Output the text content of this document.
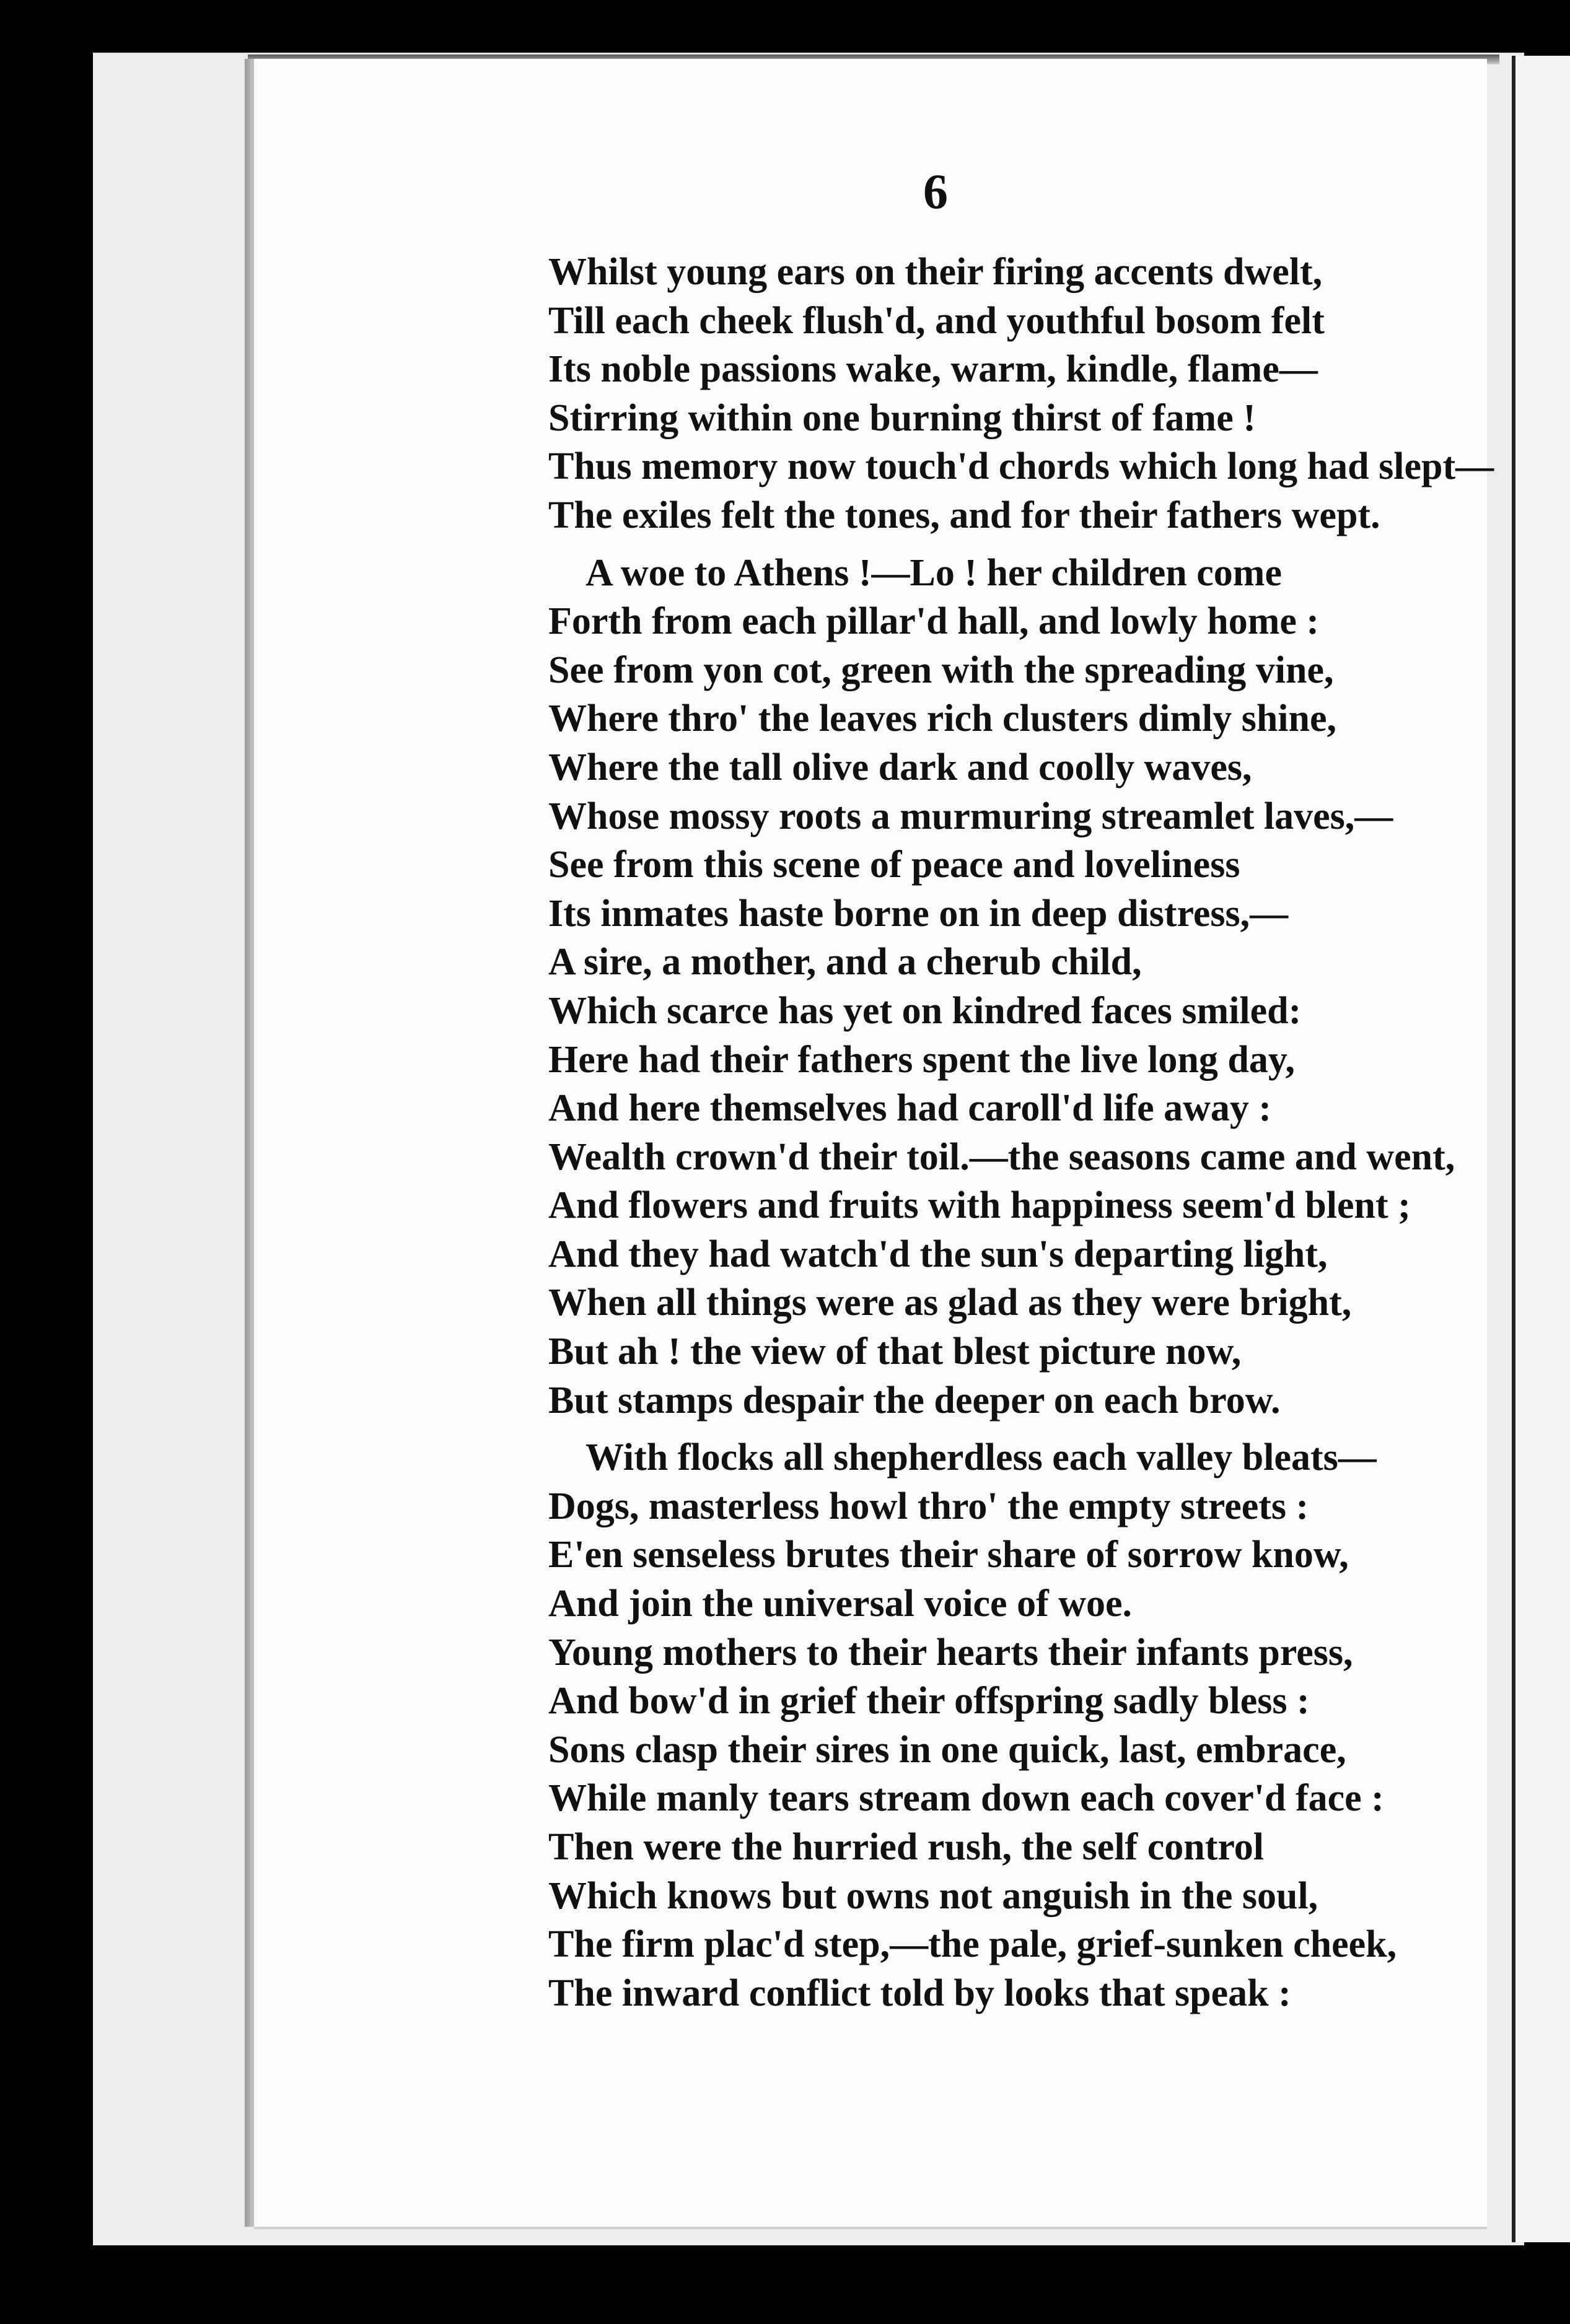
6
Whilst young ears on their firing accents dwelt,
Till each cheek flush'd, and youthful bosom felt
Its noble passions wake, warm, kindle, flame—
Stirring within one burning thirst of fame !
Thus memory now touch'd chords which long had slept—
The exiles felt the tones, and for their fathers wept.
A woe to Athens !—Lo ! her children come
Forth from each pillar'd hall, and lowly home :
See from yon cot, green with the spreading vine,
Where thro' the leaves rich clusters dimly shine,
Where the tall olive dark and coolly waves,
Whose mossy roots a murmuring streamlet laves,—
See from this scene of peace and loveliness
Its inmates haste borne on in deep distress,—
A sire, a mother, and a cherub child,
Which scarce has yet on kindred faces smiled:
Here had their fathers spent the live long day,
And here themselves had caroll'd life away :
Wealth crown'd their toil.—the seasons came and went,
And flowers and fruits with happiness seem'd blent ;
And they had watch'd the sun's departing light,
When all things were as glad as they were bright,
But ah ! the view of that blest picture now,
But stamps despair the deeper on each brow.
With flocks all shepherdless each valley bleats—
Dogs, masterless howl thro' the empty streets :
E'en senseless brutes their share of sorrow know,
And join the universal voice of woe.
Young mothers to their hearts their infants press,
And bow'd in grief their offspring sadly bless :
Sons clasp their sires in one quick, last, embrace,
While manly tears stream down each cover'd face :
Then were the hurried rush, the self control
Which knows but owns not anguish in the soul,
The firm plac'd step,—the pale, grief-sunken cheek,
The inward conflict told by looks that speak :
